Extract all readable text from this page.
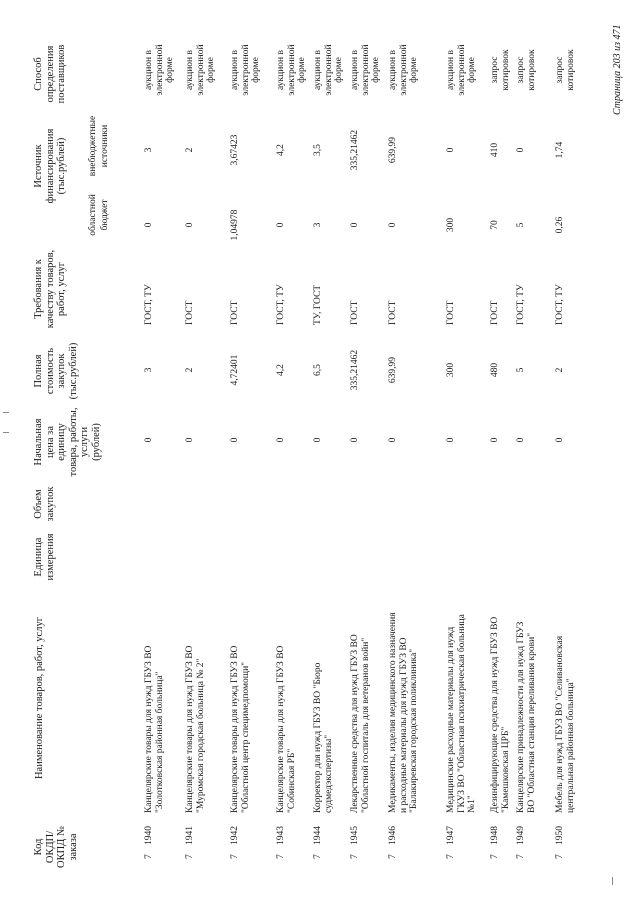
Код ОКДП/ ОКПД № заказа
Наименование товаров, работ, услуг
Единица измерения
Объем закупок
Начальная цена за единицу товара, работы, услуги (рублей)
Полная стоимость закупок (тыс.рублей)
Требования к качеству товаров, работ, услуг
Источник финансирования (тыс.рублей)
областной бюджет
внебюджетные источники
Способ определения поставщиков
7
1940
Канцелярские товары для нужд ГБУЗ ВО "Золотковская районная больница"
0
3
ГОСТ, ТУ
0
3
аукцион в электронной форме
7
1941
Канцелярские товары для нужд ГБУЗ ВО "Муромская городская больница № 2"
0
2
ГОСТ
0
2
аукцион в электронной форме
7
1942
Канцелярские товары для нужд ГБУЗ ВО "Областной центр специмедпомощи"
0
4,72401
ГОСТ
1,04978
3,67423
аукцион в электронной форме
7
1943
Канцелярские товары для нужд ГБУЗ ВО "Собинская РБ"
0
4,2
ГОСТ, ТУ
0
4,2
аукцион в электронной форме
7
1944
Корректор для нужд ГБУЗ ВО "Бюро судмедэкспертизы"
0
6,5
ТУ, ГОСТ
3
3,5
аукцион в электронной форме
7
1945
Лекарственные средства для нужд ГБУЗ ВО "Областной госпиталь для ветеранов войн"
0
335,21462
ГОСТ
0
335,21462
аукцион в электронной форме
7
1946
Медикаменты, изделия медицинского назначения и расходные материалы для нужд ГБУЗ ВО "Балакиревская городская поликлиника"
0
639,99
ГОСТ
0
639,99
аукцион в электронной форме
7
1947
Медицинские расходные материалы для нужд ГКУЗ ВО "Областная психиатрическая больница №1"
0
300
ГОСТ
300
0
аукцион в электронной форме
7
1948
Дезинфицирующие средства для нужд ГБУЗ ВО "Камешковская ЦРБ"
0
480
ГОСТ
70
410
запрос котировок
7
1949
Канцелярские принадлежности для нужд ГБУЗ ВО "Областная станция переливания крови"
0
5
ГОСТ, ТУ
5
0
запрос котировок
7
1950
Мебель для нужд ГБУЗ ВО "Селивановская центральная районная больница"
0
2
ГОСТ, ТУ
0,26
1,74
запрос котировок	Страница 203 из 471
